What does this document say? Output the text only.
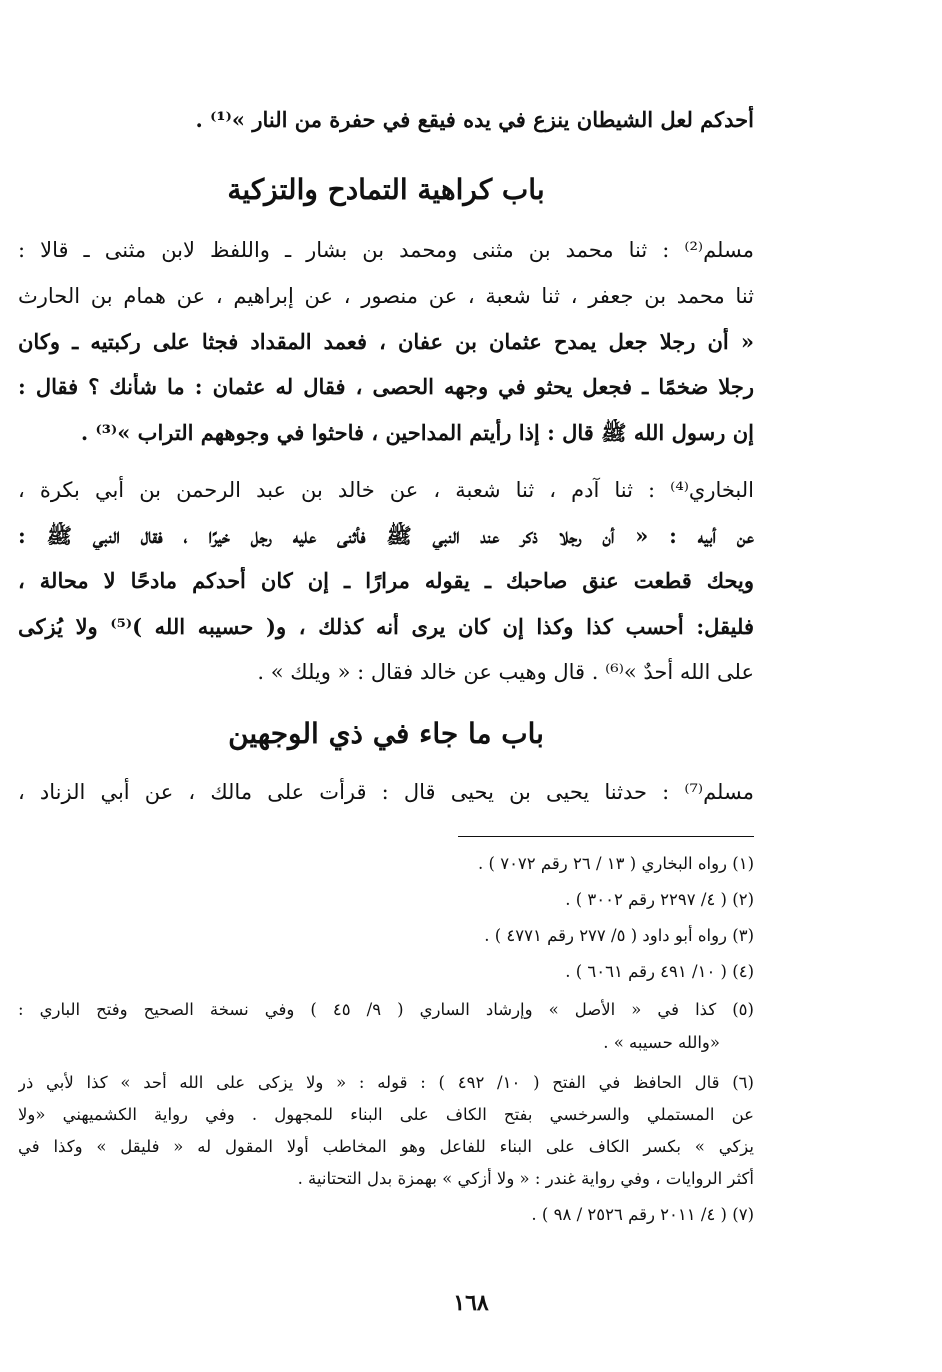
أحدكم لعل الشيطان ينزع في يده فيقع في حفرة من النار »⁽¹⁾ .
باب كراهية التمادح والتزكية
مسلم⁽²⁾ : ثنا محمد بن مثنى ومحمد بن بشار ـ واللفظ لابن مثنى ـ قالا :
ثنا محمد بن جعفر ، ثنا شعبة ، عن منصور ، عن إبراهيم ، عن همام بن الحارث
« أن رجلا جعل يمدح عثمان بن عفان ، فعمد المقداد فجثا على ركبتيه ـ وكان
رجلا ضخمًا ـ فجعل يحثو في وجهه الحصى ، فقال له عثمان : ما شأنك ؟ فقال :
إن رسول الله ﷺ قال : إذا رأيتم المداحين ، فاحثوا في وجوههم التراب »⁽³⁾ .
البخاري⁽⁴⁾ : ثنا آدم ، ثنا شعبة ، عن خالد بن عبد الرحمن بن أبي بكرة ،
عن أبيه : « أن رجلا ذكر عند النبي ﷺ فأثنى عليه رجل خيرًا ، فقال النبي ﷺ :
ويحك قطعت عنق صاحبك ـ يقوله مرارًا ـ إن كان أحدكم مادحًا لا محالة ،
فليقل: أحسب كذا وكذا إن كان يرى أنه كذلك ، و( حسيبه الله )⁽⁵⁾ ولا يُزكى
على الله أحدٌ »⁽⁶⁾ . قال وهيب عن خالد فقال : « ويلك » .
باب ما جاء في ذي الوجهين
مسلم⁽⁷⁾ : حدثنا يحيى بن يحيى قال : قرأت على مالك ، عن أبي الزناد ،
(١) رواه البخاري ( ١٣ / ٢٦ رقم ٧٠٧٢ ) .
(٢) ( ٤/ ٢٢٩٧ رقم ٣٠٠٢ ) .
(٣) رواه أبو داود ( ٥/ ٢٧٧ رقم ٤٧٧١ ) .
(٤) ( ١٠/ ٤٩١ رقم ٦٠٦١ ) .
(٥) كذا في « الأصل » وإرشاد الساري ( ٩/ ٤٥ ) وفي نسخة الصحيح وفتح الباري :
«والله حسيبه » .
(٦) قال الحافظ في الفتح ( ١٠/ ٤٩٢ ) : قوله : « ولا يزكى على الله أحد » كذا لأبي ذر
عن المستملي والسرخسي بفتح الكاف على البناء للمجهول . وفي رواية الكشميهني «ولا
يزكي » بكسر الكاف على البناء للفاعل وهو المخاطب أولا المقول له « فليقل » وكذا في
أكثر الروايات ، وفي رواية غندر : « ولا أزكي » بهمزة بدل التحتانية .
(٧) ( ٤/ ٢٠١١ رقم ٢٥٢٦ / ٩٨ ) .
١٦٨
